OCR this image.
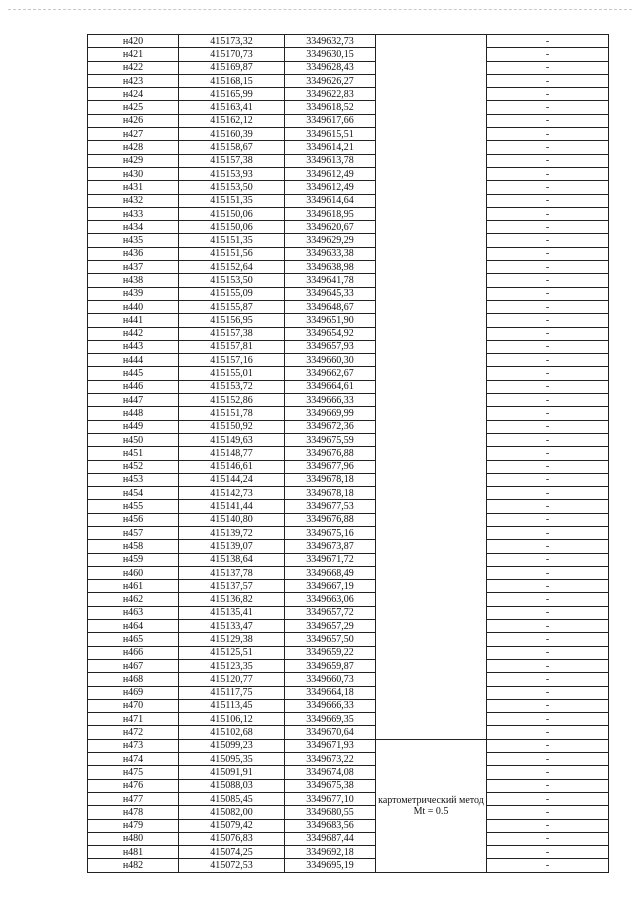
н420	415173,32	3349632,73		-
н421	415170,73	3349630,15		-
н422	415169,87	3349628,43		-
н423	415168,15	3349626,27		-
н424	415165,99	3349622,83		-
н425	415163,41	3349618,52		-
н426	415162,12	3349617,66		-
н427	415160,39	3349615,51		-
н428	415158,67	3349614,21		-
н429	415157,38	3349613,78		-
н430	415153,93	3349612,49		-
н431	415153,50	3349612,49		-
н432	415151,35	3349614,64		-
н433	415150,06	3349618,95		-
н434	415150,06	3349620,67		-
н435	415151,35	3349629,29		-
н436	415151,56	3349633,38		-
н437	415152,64	3349638,98		-
н438	415153,50	3349641,78		-
н439	415155,09	3349645,33		-
н440	415155,87	3349648,67		-
н441	415156,95	3349651,90		-
н442	415157,38	3349654,92		-
н443	415157,81	3349657,93		-
н444	415157,16	3349660,30		-
н445	415155,01	3349662,67		-
н446	415153,72	3349664,61		-
н447	415152,86	3349666,33		-
н448	415151,78	3349669,99		-
н449	415150,92	3349672,36		-
н450	415149,63	3349675,59		-
н451	415148,77	3349676,88		-
н452	415146,61	3349677,96		-
н453	415144,24	3349678,18		-
н454	415142,73	3349678,18		-
н455	415141,44	3349677,53		-
н456	415140,80	3349676,88		-
н457	415139,72	3349675,16		-
н458	415139,07	3349673,87		-
н459	415138,64	3349671,72		-
н460	415137,78	3349668,49		-
н461	415137,57	3349667,19		-
н462	415136,82	3349663,06		-
н463	415135,41	3349657,72		-
н464	415133,47	3349657,29		-
н465	415129,38	3349657,50		-
н466	415125,51	3349659,22		-
н467	415123,35	3349659,87		-
н468	415120,77	3349660,73		-
н469	415117,75	3349664,18		-
н470	415113,45	3349666,33		-
н471	415106,12	3349669,35		-
н472	415102,68	3349670,64		-
н473	415099,23	3349671,93	картометрический метод Mt = 0.5	-
н474	415095,35	3349673,22		-
н475	415091,91	3349674,08		-
н476	415088,03	3349675,38		-
н477	415085,45	3349677,10		-
н478	415082,00	3349680,55		-
н479	415079,42	3349683,56		-
н480	415076,83	3349687,44		-
н481	415074,25	3349692,18		-
н482	415072,53	3349695,19		-
